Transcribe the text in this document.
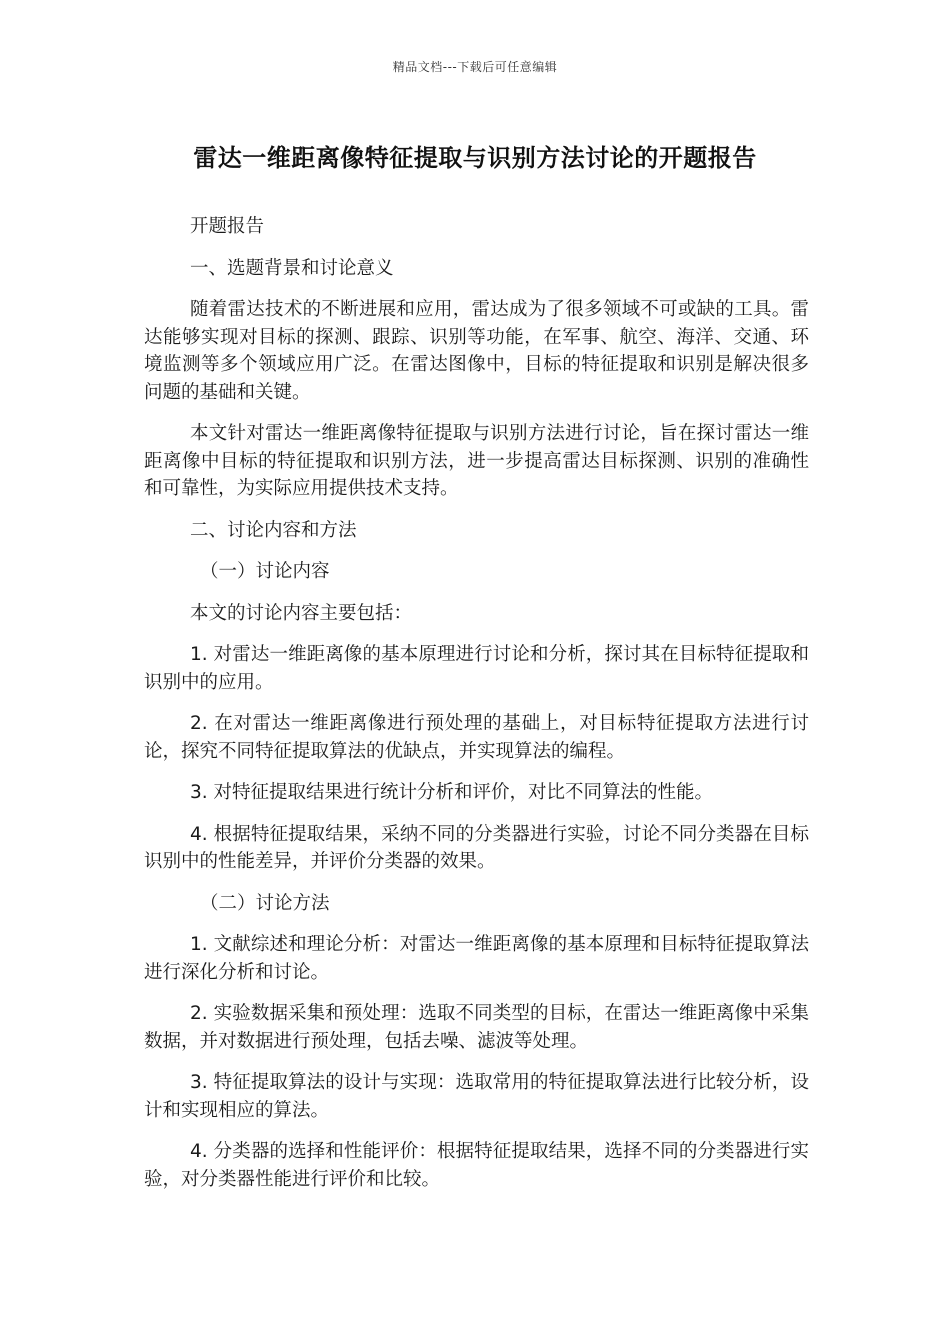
精品文档---下载后可任意编辑
雷达一维距离像特征提取与识别方法讨论的开题报告

开题报告

一、选题背景和讨论意义

随着雷达技术的不断进展和应用，雷达成为了很多领域不可或缺的工具。雷达能够实现对目标的探测、跟踪、识别等功能，在军事、航空、海洋、交通、环境监测等多个领域应用广泛。在雷达图像中，目标的特征提取和识别是解决很多问题的基础和关键。

本文针对雷达一维距离像特征提取与识别方法进行讨论，旨在探讨雷达一维距离像中目标的特征提取和识别方法，进一步提高雷达目标探测、识别的准确性和可靠性，为实际应用提供技术支持。

二、讨论内容和方法

（一）讨论内容

本文的讨论内容主要包括：

1. 对雷达一维距离像的基本原理进行讨论和分析，探讨其在目标特征提取和识别中的应用。

2. 在对雷达一维距离像进行预处理的基础上，对目标特征提取方法进行讨论，探究不同特征提取算法的优缺点，并实现算法的编程。

3. 对特征提取结果进行统计分析和评价，对比不同算法的性能。

4. 根据特征提取结果，采纳不同的分类器进行实验，讨论不同分类器在目标识别中的性能差异，并评价分类器的效果。

（二）讨论方法

1. 文献综述和理论分析：对雷达一维距离像的基本原理和目标特征提取算法进行深化分析和讨论。

2. 实验数据采集和预处理：选取不同类型的目标，在雷达一维距离像中采集数据，并对数据进行预处理，包括去噪、滤波等处理。

3. 特征提取算法的设计与实现：选取常用的特征提取算法进行比较分析，设计和实现相应的算法。

4. 分类器的选择和性能评价：根据特征提取结果，选择不同的分类器进行实验，对分类器性能进行评价和比较。
